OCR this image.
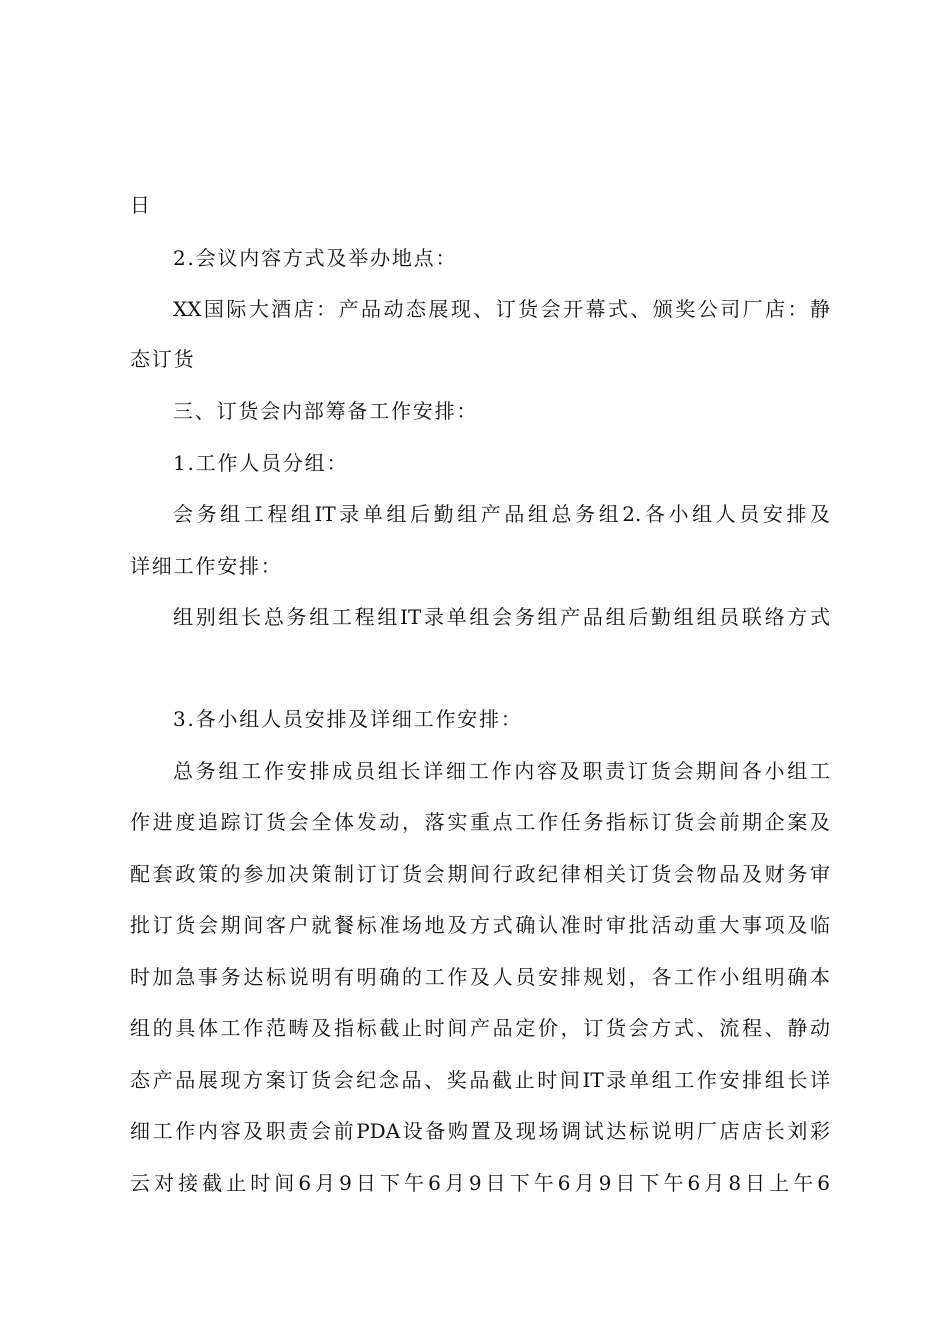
日
2.会议内容方式及举办地点：
XX国际大酒店：产品动态展现、订货会开幕式、颁奖公司厂店：静
态订货
三、订货会内部筹备工作安排：
1.工作人员分组：
会务组工程组IT录单组后勤组产品组总务组2.各小组人员安排及
详细工作安排：
组别组长总务组工程组IT录单组会务组产品组后勤组组员联络方式
3.各小组人员安排及详细工作安排：
总务组工作安排成员组长详细工作内容及职责订货会期间各小组工
作进度追踪订货会全体发动，落实重点工作任务指标订货会前期企案及
配套政策的参加决策制订订货会期间行政纪律相关订货会物品及财务审
批订货会期间客户就餐标准场地及方式确认准时审批活动重大事项及临
时加急事务达标说明有明确的工作及人员安排规划，各工作小组明确本
组的具体工作范畴及指标截止时间产品定价，订货会方式、流程、静动
态产品展现方案订货会纪念品、奖品截止时间IT录单组工作安排组长详
细工作内容及职责会前PDA设备购置及现场调试达标说明厂店店长刘彩
云对接截止时间6月9日下午6月9日下午6月9日下午6月8日上午6
